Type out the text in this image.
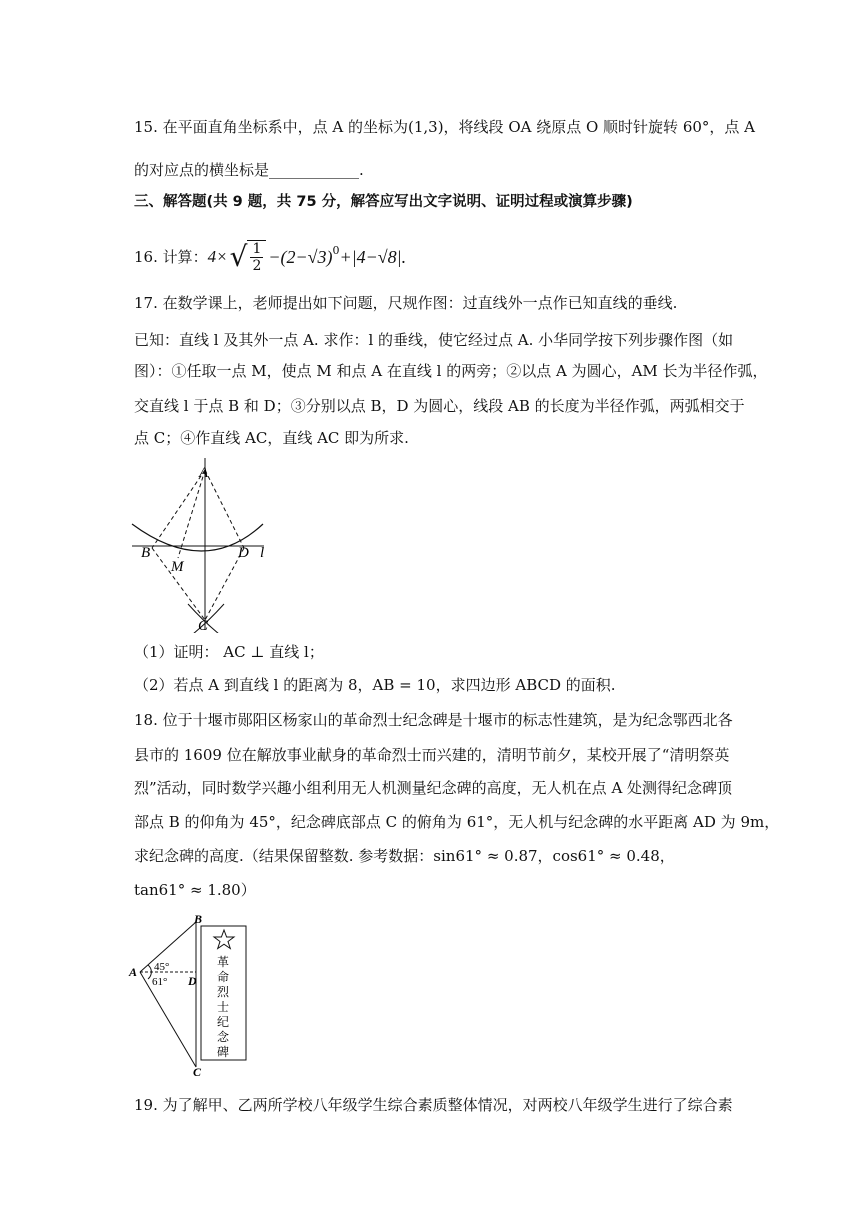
15. 在平面直角坐标系中，点 A 的坐标为(1,3)，将线段 OA 绕原点 O 顺时针旋转 60°，点 A
的对应点的横坐标是____________.
三、解答题(共 9 题，共 75 分，解答应写出文字说明、证明过程或演算步骤)
16. 计算： 4× √ $\frac{1}{2} -(2-√3)^0 +|4-√8|$.
17. 在数学课上，老师提出如下问题，尺规作图：过直线外一点作已知直线的垂线.
已知：直线 l 及其外一点 A. 求作：l 的垂线，使它经过点 A. 小华同学按下列步骤作图（如
图）：①任取一点 M，使点 M 和点 A 在直线 l 的两旁；②以点 A 为圆心，AM 长为半径作弧，
交直线 l 于点 B 和 D；③分别以点 B，D 为圆心，线段 AB 的长度为半径作弧，两弧相交于
点 C；④作直线 AC，直线 AC 即为所求.
A
B
M
D l
C
（1）证明： AC ⊥ 直线 l；
（2）若点 A 到直线 l 的距离为 8，AB = 10，求四边形 ABCD 的面积.
18. 位于十堰市郧阳区杨家山的革命烈士纪念碑是十堰市的标志性建筑，是为纪念鄂西北各
县市的 1609 位在解放事业献身的革命烈士而兴建的，清明节前夕，某校开展了“清明祭英
烈”活动，同时数学兴趣小组利用无人机测量纪念碑的高度，无人机在点 A 处测得纪念碑顶
部点 B 的仰角为 45°，纪念碑底部点 C 的俯角为 61°，无人机与纪念碑的水平距离 AD 为 9m，
求纪念碑的高度.（结果保留整数. 参考数据：sin61° ≈ 0.87，cos61° ≈ 0.48，
tan61° ≈ 1.80）
B
A
D
C
45°
61°
革
命
烈
士
纪
念
碑
19. 为了解甲、乙两所学校八年级学生综合素质整体情况，对两校八年级学生进行了综合素
